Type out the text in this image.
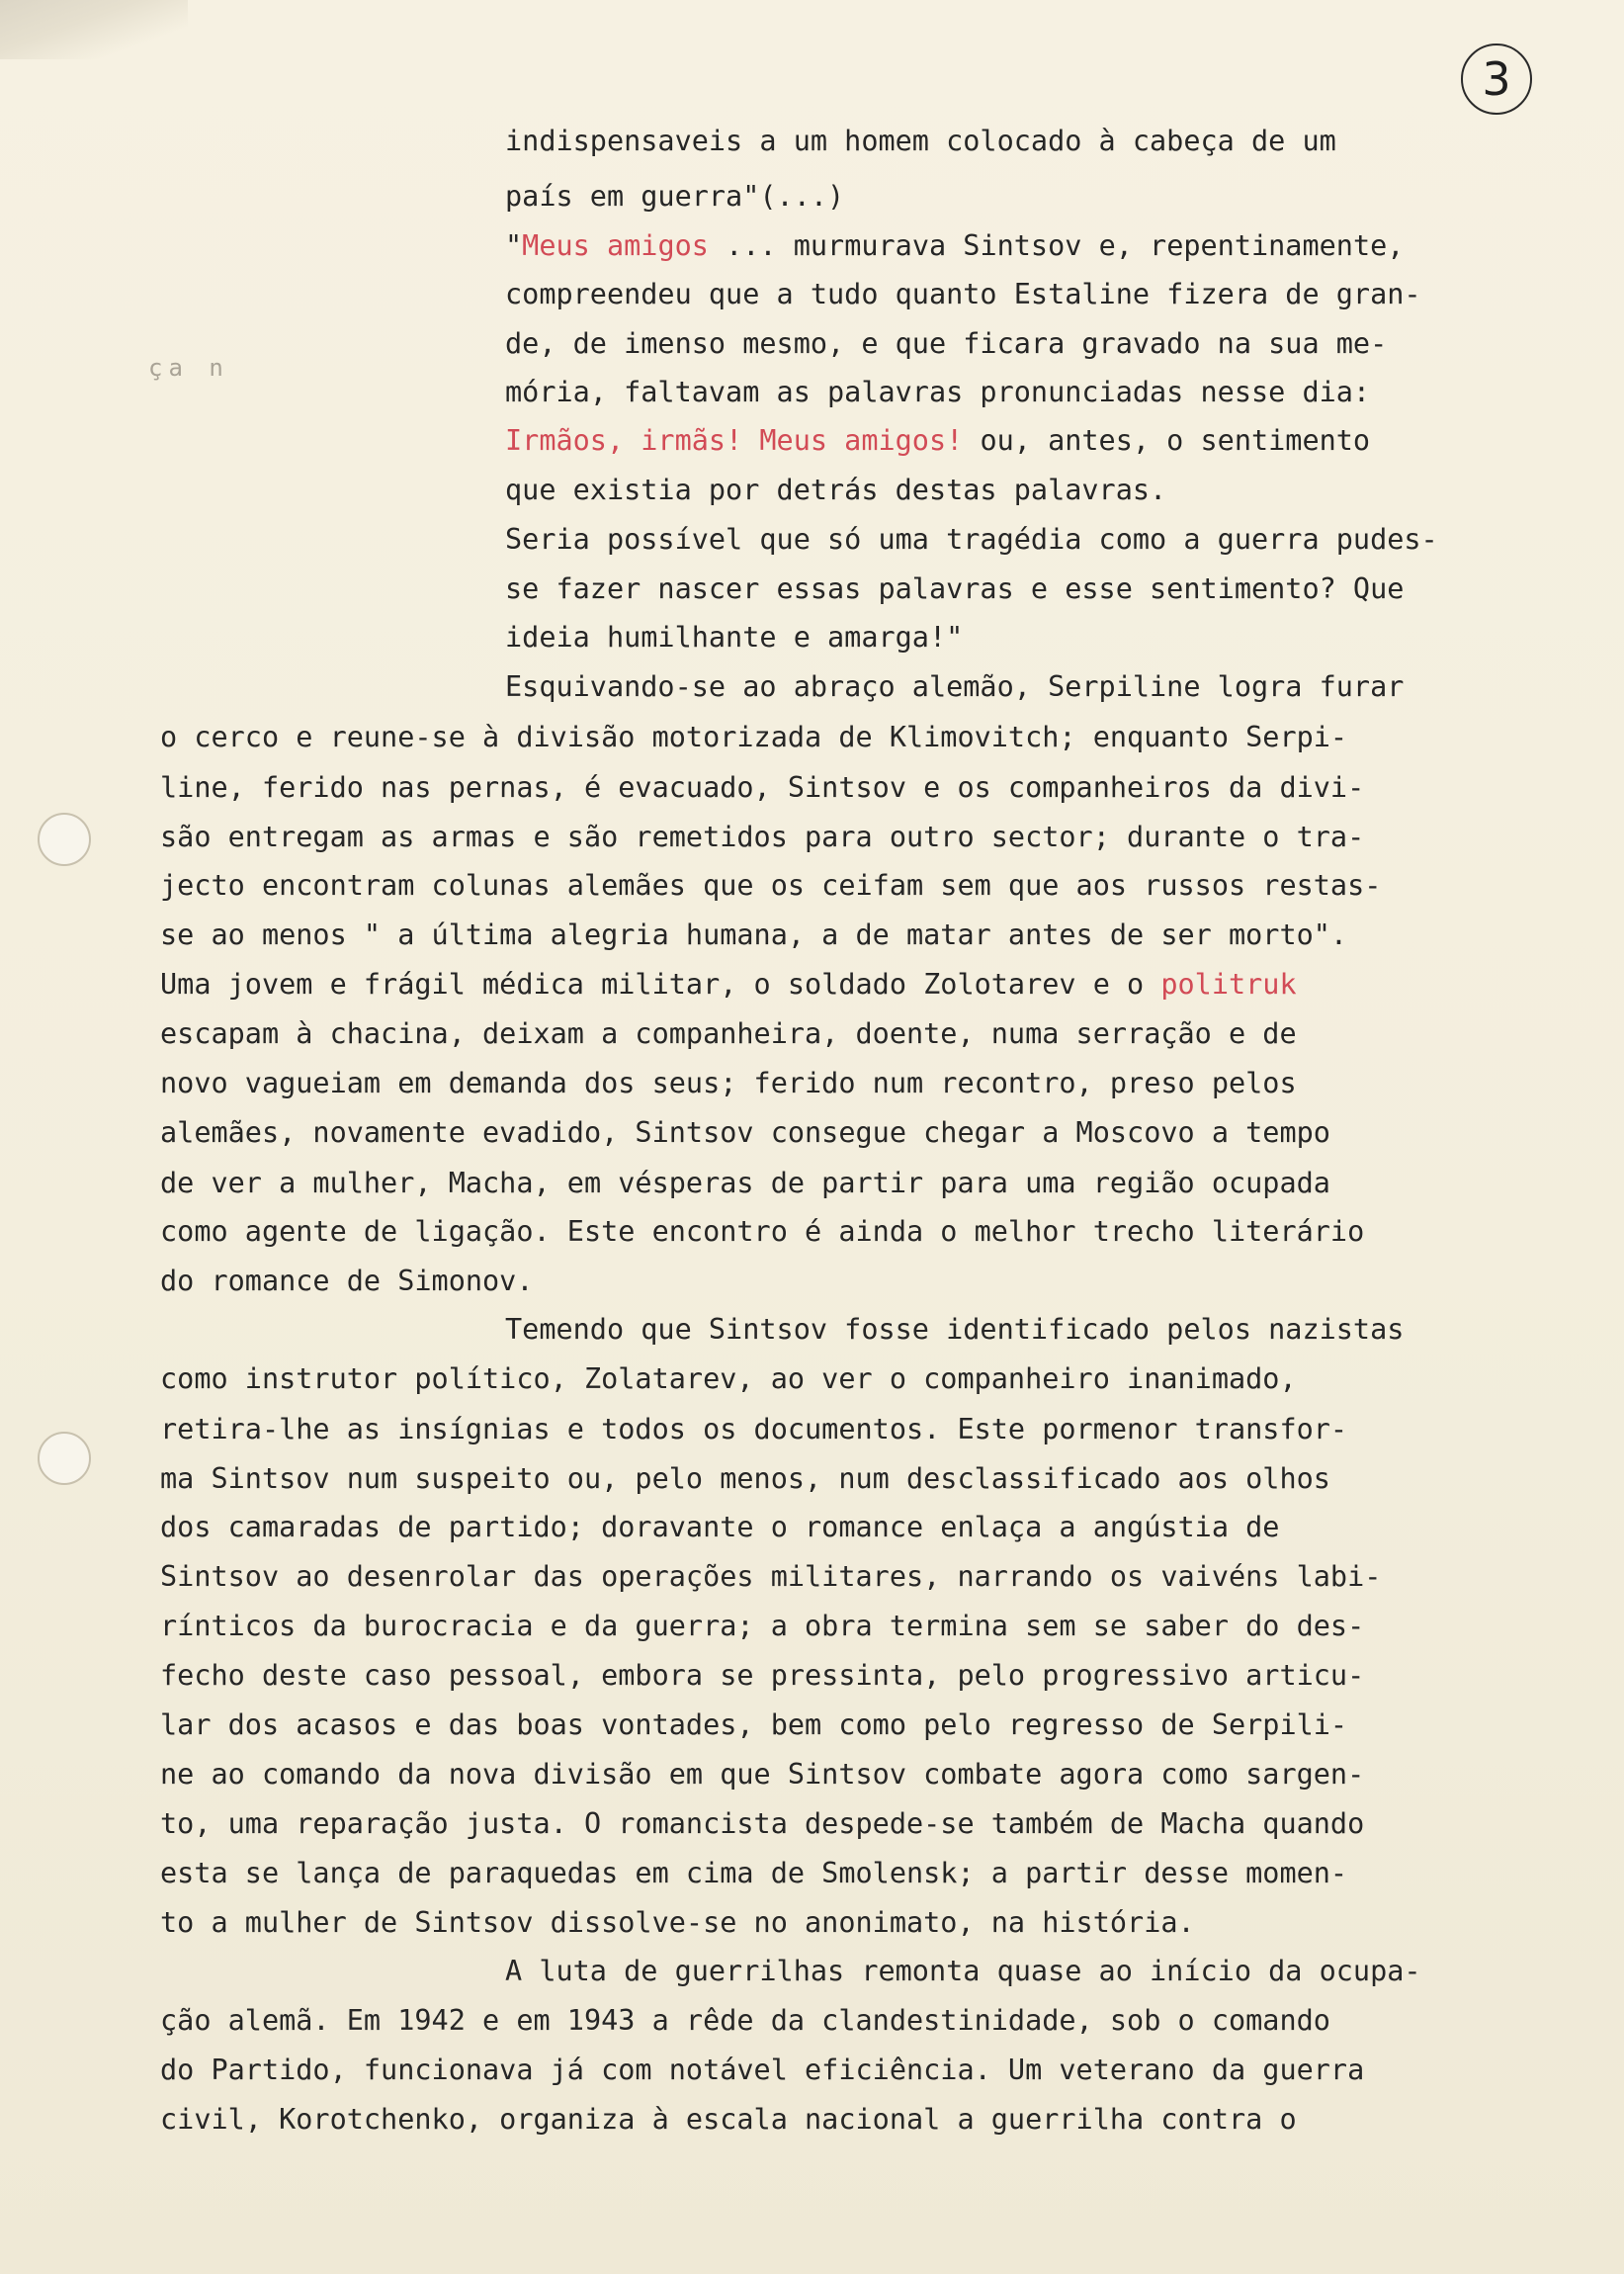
3
ça n
indispensaveis a um homem colocado à cabeça de um
país em guerra"(...)
"Meus amigos ... murmurava Sintsov e, repentinamente,
compreendeu que a tudo quanto Estaline fizera de gran-
de, de imenso mesmo, e que ficara gravado na sua me-
mória, faltavam as palavras pronunciadas nesse dia:
Irmãos, irmãs! Meus amigos! ou, antes, o sentimento
que existia por detrás destas palavras.
Seria possível que só uma tragédia como a guerra pudes-
se fazer nascer essas palavras e esse sentimento? Que
ideia humilhante e amarga!"
Esquivando-se ao abraço alemão, Serpiline logra furar
o cerco e reune-se à divisão motorizada de Klimovitch; enquanto Serpi-
line, ferido nas pernas, é evacuado, Sintsov e os companheiros da divi-
são entregam as armas e são remetidos para outro sector; durante o tra-
jecto encontram colunas alemães que os ceifam sem que aos russos restas-
se ao menos " a última alegria humana, a de matar antes de ser morto".
Uma jovem e frágil médica militar, o soldado Zolotarev e o politruk
escapam à chacina, deixam a companheira, doente, numa serração e de
novo vagueiam em demanda dos seus; ferido num recontro, preso pelos
alemães, novamente evadido, Sintsov consegue chegar a Moscovo a tempo
de ver a mulher, Macha, em vésperas de partir para uma região ocupada
como agente de ligação. Este encontro é ainda o melhor trecho literário
do romance de Simonov.
Temendo que Sintsov fosse identificado pelos nazistas
como instrutor político, Zolatarev, ao ver o companheiro inanimado,
retira-lhe as insígnias e todos os documentos. Este pormenor transfor-
ma Sintsov num suspeito ou, pelo menos, num desclassificado aos olhos
dos camaradas de partido; doravante o romance enlaça a angústia de
Sintsov ao desenrolar das operações militares, narrando os vaivéns labi-
rínticos da burocracia e da guerra; a obra termina sem se saber do des-
fecho deste caso pessoal, embora se pressinta, pelo progressivo articu-
lar dos acasos e das boas vontades, bem como pelo regresso de Serpili-
ne ao comando da nova divisão em que Sintsov combate agora como sargen-
to, uma reparação justa. O romancista despede-se também de Macha quando
esta se lança de paraquedas em cima de Smolensk; a partir desse momen-
to a mulher de Sintsov dissolve-se no anonimato, na história.
A luta de guerrilhas remonta quase ao início da ocupa-
ção alemã. Em 1942 e em 1943 a rêde da clandestinidade, sob o comando
do Partido, funcionava já com notável eficiência. Um veterano da guerra
civil, Korotchenko, organiza à escala nacional a guerrilha contra o
